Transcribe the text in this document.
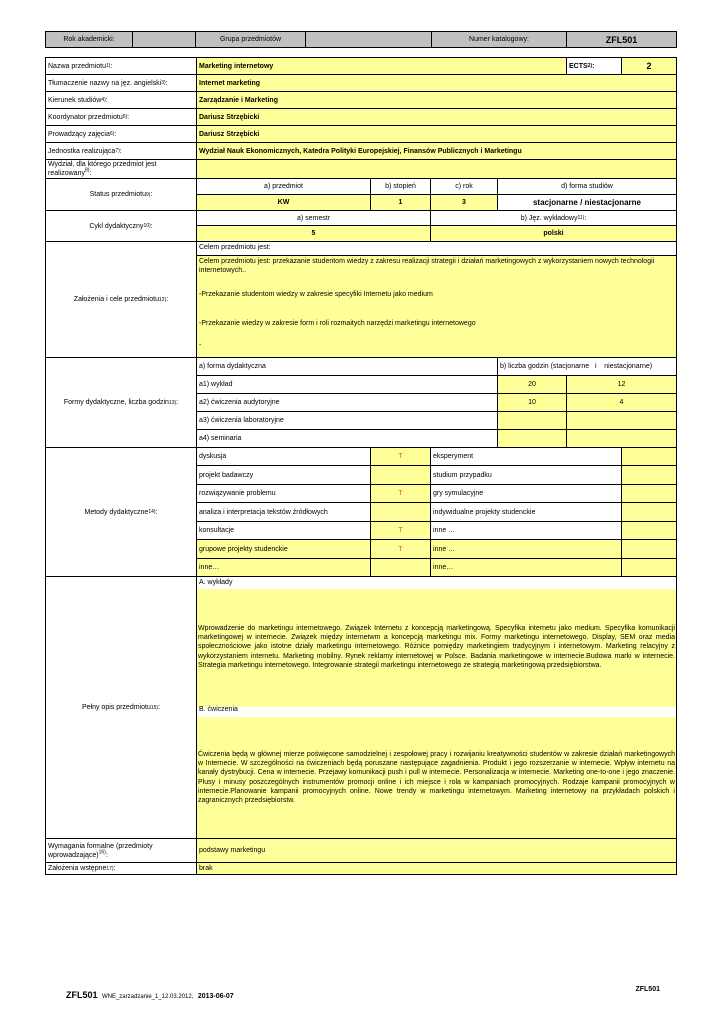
Rok akademicki:	Grupa przedmiotów	Numer katalogowy:	ZFL501
Nazwa przedmiotu 1) :	Marketing internetowy	ECTS 2) :	2
Tłumaczenie nazwy na jęz. angielski 3) :	Internet marketing
Kierunek studiów 4) :	Zarządzanie i Marketing
Koordynator przedmiotu 5) :	Dariusz Strzębicki
Prowadzący zajęcia 6) :	Dariusz Strzębicki
Jednostka realizująca 7) :	Wydział Nauk Ekonomicznych, Katedra Polityki Europejskiej, Finansów Publicznych i Marketingu
Wydział, dla którego przedmiot jest
realizowany$^{8)}$:
Status przedmiotu 9) :
a) przedmiot	b) stopień	c) rok	d) forma studiów
KW	1	3	stacjonarne / niestacjonarne
Cykl dydaktyczny 10) :
a) semestr	b) Jęz. wykładowy 11) :
5	polski
Założenia i cele przedmiotu 12) :
Celem przedmiotu jest:
Celem przedmiotu jest: przekazanie studentom wiedzy z zakresu realizacji strategii i działań marketingowych z wykorzystaniem nowych technologii internetowych..
-Przekazanie studentom wiedzy w zakresie specyfiki Internetu jako medium
-Przekazanie wiedzy w zakresie form i roli rozmaitych narzędzi marketingu internetowego
-
Formy dydaktyczne, liczba godzin 13) :
a) forma dydaktyczna	b) liczba godzin (stacjonarne   i    niestacjonarne)
a1) wykład	20	12
a2) ćwiczenia audytoryjne	10	4
a3) ćwiczenia laboratoryjne
a4) seminaria
Metody dydaktyczne 14) :
dyskusja	T	eksperyment
projekt badawczy	studium przypadku
rozwiązywanie problemu	T	gry symulacyjne
analiza i interpretacja tekstów źródłowych	indywidualne projekty studenckie
konsultacje	T	inne …
grupowe projekty studenckie	T	inne …
inne…	inne…
Pełny opis przedmiotu 15) :
A. wykłady
Wprowadzenie do marketingu internetowego. Związek Internetu z koncepcją marketingową. Specyfika internetu jako medium. Specyfika komunikacji marketingowej w internecie. Związek między internetwm a koncepcją marketingu mix. Formy marketingu internetowego. Display, SEM oraz media społecznościowe jako istotne działy marketingu internetowego. Różnice pomiędzy marketingiem tradycyjnym i internetowym. Marketing relacyjny z wykorzystaniem internetu. Marketing mobilny. Rynek reklamy internetowej w Polsce. Badania marketingowe w internecie.Budowa marki w internecie. Strategia marketingu internetowego. Integrowanie strategii marketingu internetowego ze strategią marketingową przedsiębiorstwa.
B. ćwiczenia
Ćwiczenia będą w głównej mierze poświęcone samodzielnej i zespołowej pracy i rozwijaniu kreatywności studentów w zakresie działań marketingowych w Internecie. W szczególności na ćwiczeniach będą poruszane następujące zagadnienia. Produkt i jego rozszerzanie w internecie. Wpływ internetu na kanały dystrybucji. Cena w internecie. Przejawy komunikacji push i pull w internecie. Personalizacja w internecie. Marketing one-to-one i jego znaczenie. Plusy i minusy poszczególnych instrumentów promocji online i ich miejsce i rola w kampaniach promocyjnych. Rodzaje kampanii promocyjnych w internecie.Planowanie kampanii promocyjnych online. Nowe trendy w marketingu internetowym. Marketing internetowy na przykładach polskich i zagranicznych przedsiębiorstw.
Wymagania formalne (przedmioty
wprowadzające)$^{16)}$:
podstawy marketingu
Założenia wstępne 17) :	brak
ZFL501 WNE_zarzadzanie_1_12.03.2012, 2013-06-07
ZFL501
